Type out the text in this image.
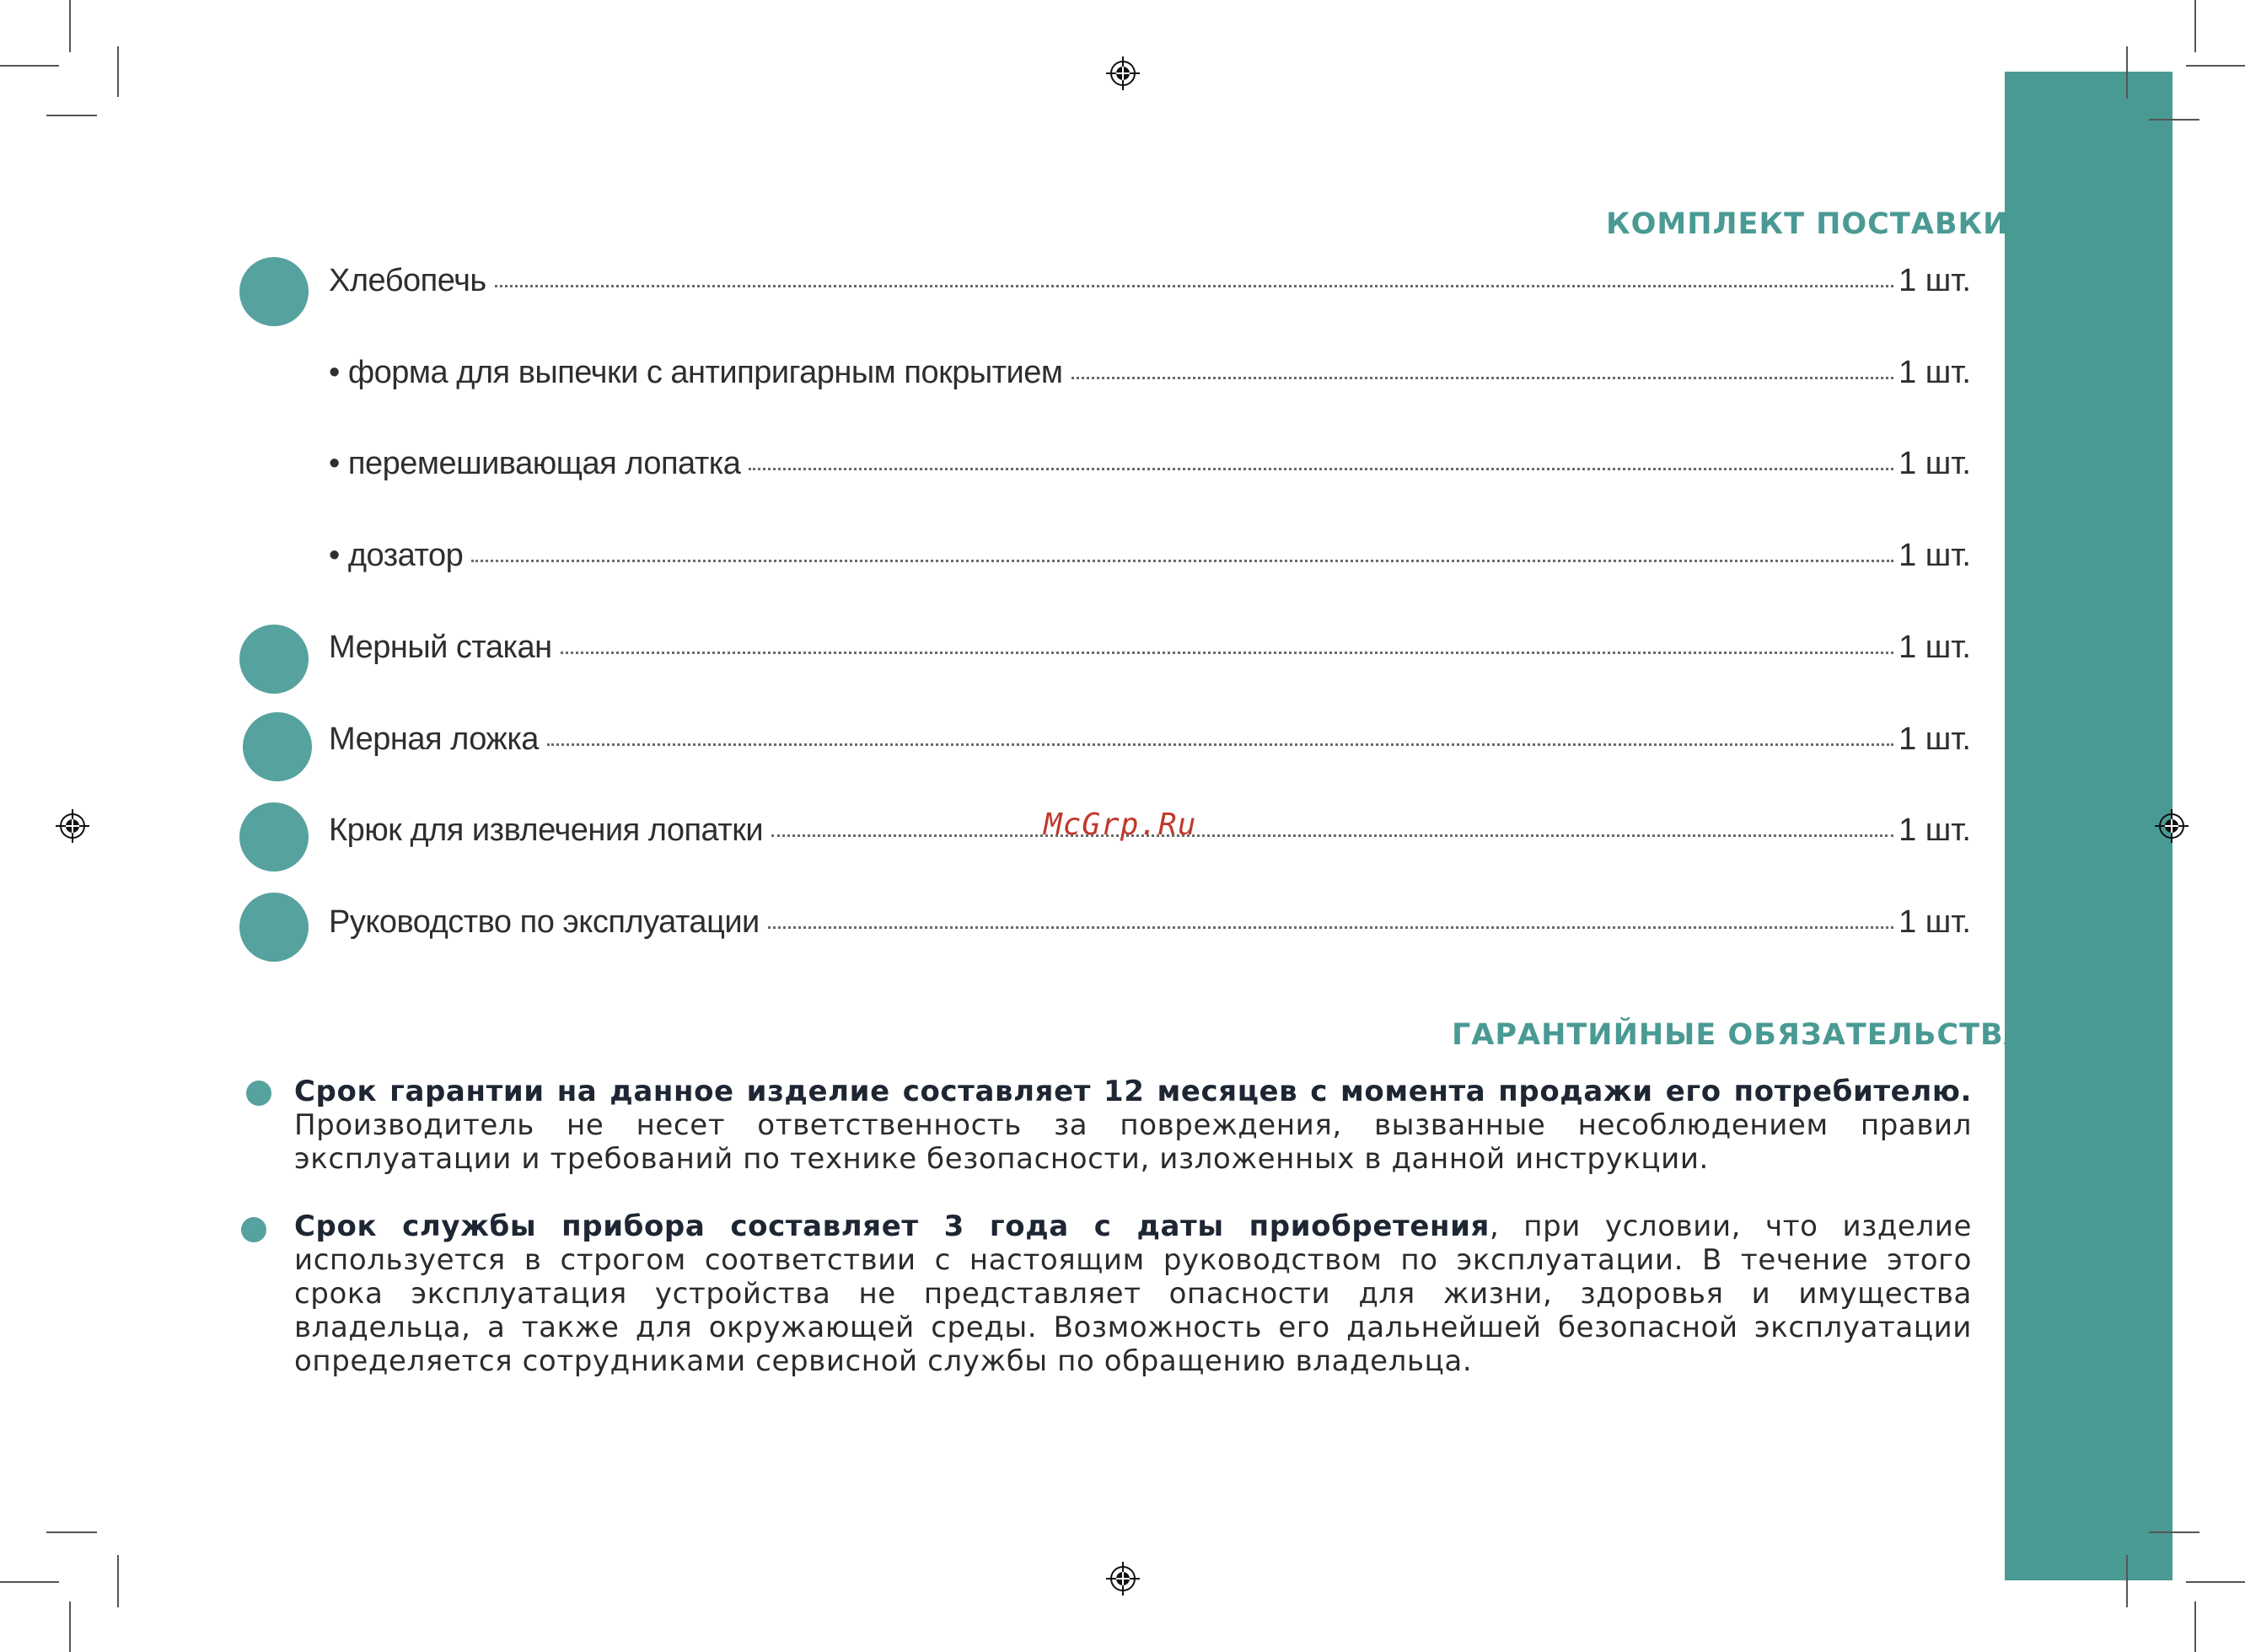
КОМПЛЕКТ ПОСТАВКИ
Хлебопечь	1 шт.
• форма для выпечки с антипригарным покрытием	1 шт.
• перемешивающая лопатка	1 шт.
• дозатор	1 шт.
Мерный стакан	1 шт.
Мерная ложка	1 шт.
Крюк для извлечения лопатки	1 шт.
Руководство по эксплуатации	1 шт.
McGrp.Ru
ГАРАНТИЙНЫЕ ОБЯЗАТЕЛЬСТВА
Срок гарантии на данное изделие составляет 12 месяцев с момента продажи его потребителю. Производитель не несет ответственность за повреждения, вызванные несоблюдением правил эксплуатации и требований по технике безопасности, изложенных в данной инструкции.
Срок службы прибора составляет 3 года с даты приобретения, при условии, что изделие используется в строгом соответствии с настоящим руководством по эксплуатации. В течение этого срока эксплуатация устройства не представляет опасности для жизни, здоровья и имущества владельца, а также для окружающей среды. Возможность его дальнейшей безопасной эксплуатации определяется сотрудниками сервисной службы по обращению владельца.
